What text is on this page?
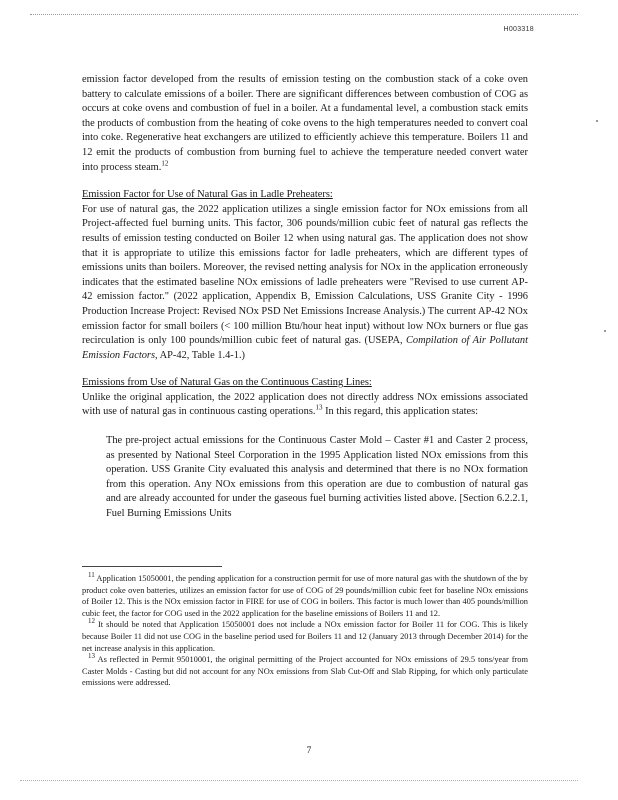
H003318

emission factor developed from the results of emission testing on the combustion stack of a coke oven battery to calculate emissions of a boiler. There are significant differences between combustion of COG as occurs at coke ovens and combustion of fuel in a boiler. At a fundamental level, a combustion stack emits the products of combustion from the heating of coke ovens to the high temperatures needed to convert coal into coke. Regenerative heat exchangers are utilized to efficiently achieve this temperature. Boilers 11 and 12 emit the products of combustion from burning fuel to achieve the temperature needed convert water into process steam.$^{12}$

Emission Factor for Use of Natural Gas in Ladle Preheaters:

For use of natural gas, the 2022 application utilizes a single emission factor for NOx emissions from all Project-affected fuel burning units. This factor, 306 pounds/million cubic feet of natural gas reflects the results of emission testing conducted on Boiler 12 when using natural gas. The application does not show that it is appropriate to utilize this emissions factor for ladle preheaters, which are different types of emissions units than boilers. Moreover, the revised netting analysis for NOx in the application erroneously indicates that the estimated baseline NOx emissions of ladle preheaters were "Revised to use current AP-42 emission factor." (2022 application, Appendix B, Emission Calculations, USS Granite City - 1996 Production Increase Project: Revised NOx PSD Net Emissions Increase Analysis.) The current AP-42 NOx emission factor for small boilers (< 100 million Btu/hour heat input) without low NOx burners or flue gas recirculation is only 100 pounds/million cubic feet of natural gas. (USEPA, Compilation of Air Pollutant Emission Factors, AP-42, Table 1.4-1.)

Emissions from Use of Natural Gas on the Continuous Casting Lines:

Unlike the original application, the 2022 application does not directly address NOx emissions associated with use of natural gas in continuous casting operations.$^{13}$ In this regard, this application states:

The pre-project actual emissions for the Continuous Caster Mold – Caster #1 and Caster 2 process, as presented by National Steel Corporation in the 1995 Application listed NOx emissions from this operation. USS Granite City evaluated this analysis and determined that there is no NOx formation from this operation. Any NOx emissions from this operation are due to combustion of natural gas and are already accounted for under the gaseous fuel burning activities listed above. [Section 6.2.2.1, Fuel Burning Emissions Units

$^{11}$ Application 15050001, the pending application for a construction permit for use of more natural gas with the shutdown of the by product coke oven batteries, utilizes an emission factor for use of COG of 29 pounds/million cubic feet for baseline NOx emissions of Boiler 12. This is the NOx emission factor in FIRE for use of COG in boilers. This factor is much lower than 405 pounds/million cubic feet, the factor for COG used in the 2022 application for the baseline emissions of Boilers 11 and 12.

$^{12}$ It should be noted that Application 15050001 does not include a NOx emission factor for Boiler 11 for COG. This is likely because Boiler 11 did not use COG in the baseline period used for Boilers 11 and 12 (January 2013 through December 2014) for the net increase analysis in this application.

$^{13}$ As reflected in Permit 95010001, the original permitting of the Project accounted for NOx emissions of 29.5 tons/year from Caster Molds - Casting but did not account for any NOx emissions from Slab Cut-Off and Slab Ripping, for which only particulate emissions were addressed.

7
